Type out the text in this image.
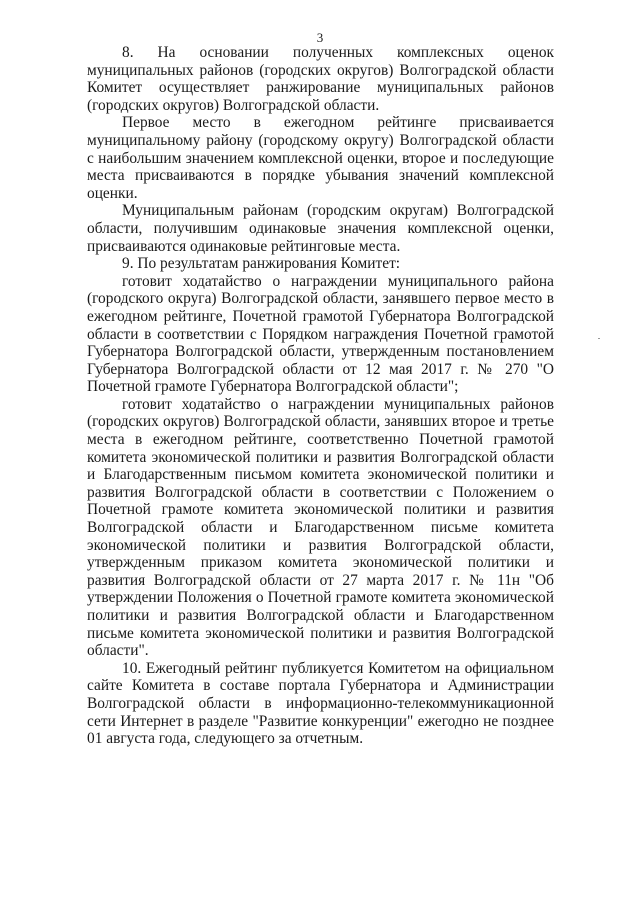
3

8. На основании полученных комплексных оценок муниципальных районов (городских округов) Волгоградской области Комитет осуществляет ранжирование муниципальных районов (городских округов) Волгоградской области.

Первое место в ежегодном рейтинге присваивается муниципальному району (городскому округу) Волгоградской области с наибольшим значением комплексной оценки, второе и последующие места присваиваются в порядке убывания значений комплексной оценки.

Муниципальным районам (городским округам) Волгоградской области, получившим одинаковые значения комплексной оценки, присваиваются одинаковые рейтинговые места.

9. По результатам ранжирования Комитет:

готовит ходатайство о награждении муниципального района (городского округа) Волгоградской области, занявшего первое место в ежегодном рейтинге, Почетной грамотой Губернатора Волгоградской области в соответствии с Порядком награждения Почетной грамотой Губернатора Волгоградской области, утвержденным постановлением Губернатора Волгоградской области от 12 мая 2017 г. № 270 "О Почетной грамоте Губернатора Волгоградской области";

готовит ходатайство о награждении муниципальных районов (городских округов) Волгоградской области, занявших второе и третье места в ежегодном рейтинге, соответственно Почетной грамотой комитета экономической политики и развития Волгоградской области и Благодарственным письмом комитета экономической политики и развития Волгоградской области в соответствии с Положением о Почетной грамоте комитета экономической политики и развития Волгоградской области и Благодарственном письме комитета экономической политики и развития Волгоградской области, утвержденным приказом комитета экономической политики и развития Волгоградской области от 27 марта 2017 г. № 11н "Об утверждении Положения о Почетной грамоте комитета экономической политики и развития Волгоградской области и Благодарственном письме комитета экономической политики и развития Волгоградской области".

10. Ежегодный рейтинг публикуется Комитетом на официальном сайте Комитета в составе портала Губернатора и Администрации Волгоградской области в информационно-телекоммуникационной сети Интернет в разделе "Развитие конкуренции" ежегодно не позднее 01 августа года, следующего за отчетным.
